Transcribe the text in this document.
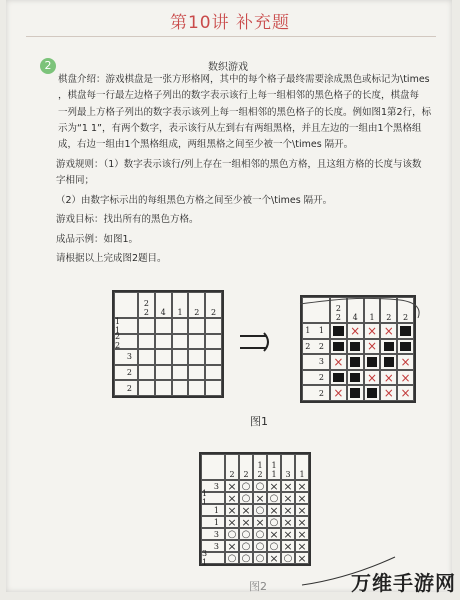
第10讲 补充题
2	数织游戏
棋盘介绍：游戏棋盘是一张方形格网，其中的每个格子最终需要涂成黑色或标记为\times
，棋盘每一行最左边格子列出的数字表示该行上每一组相邻的黑色格子的长度，棋盘每
一列最上方格子列出的数字表示该列上每一组相邻的黑色格子的长度。例如图1第2行，标
示为“1 1”，有两个数字，表示该行从左到右有两组黑格，并且左边的一组由1个黑格组
成，右边一组由1个黑格组成，两组黑格之间至少被一个\times 隔开。
游戏规则：（1）数字表示该行/列上存在一组相邻的黑色方格，且这组方格的长度与该数
字相同；
（2）由数字标示出的每组黑色方格之间至少被一个\times 隔开。
游戏目标：找出所有的黑色方格。
成品示例：如图1。
请根据以上完成图2题目。
2
2 4 1 2 2
1 1
2 2
3
2
2
2
2 4 1 2 2
1 1
×
×
×
2 2
×
3
×
×
2
×
×
×
2
×
×
×
图1
2 2
1
2
1
1 3 1
3
×
○
○
×
×
×
1 1
×
○
×
○
×
×
1
×
×
○
×
×
×
1
×
×
×
○
×
×
3
○
○
○
×
×
×
3
×
○
○
○
×
×
3 1
○
○
○
×
○
×
图2	万维手游网
